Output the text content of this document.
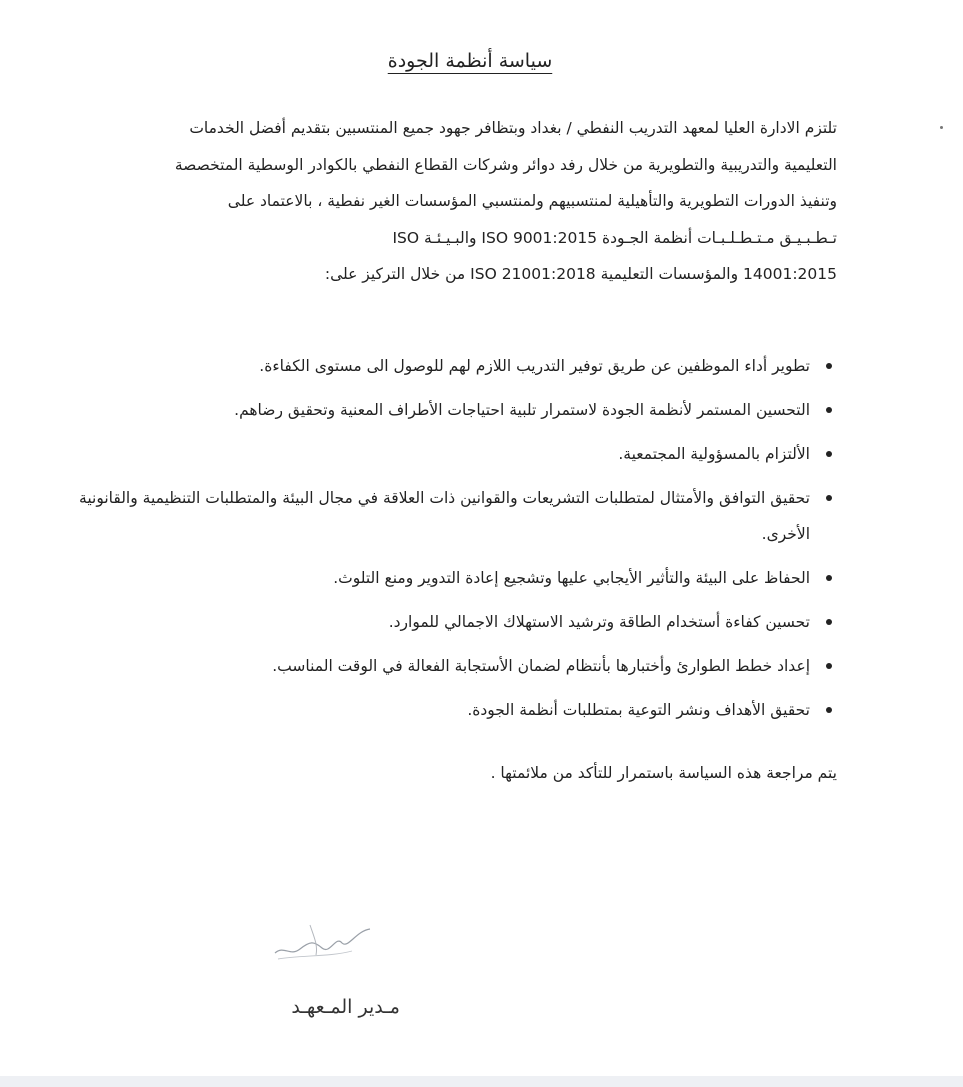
سياسة أنظمة الجودة
تلتزم الادارة العليا لمعهد التدريب النفطي / بغداد وبتظافر جهود جميع المنتسبين بتقديم أفضل الخدمات
التعليمية والتدريبية والتطويرية من خلال رفد دوائر وشركات القطاع النفطي بالكوادر الوسطية المتخصصة
وتنفيذ الدورات التطويرية والتأهيلية لمنتسبيهم ولمنتسبي المؤسسات الغير نفطية ، بالاعتماد على
تـطـبـيـق مـتـطـلـبـات أنظمة الجـودة ISO 9001:2015 والبـيـئـة ISO
14001:2015 والمؤسسات التعليمية ISO 21001:2018 من خلال التركيز على:
تطوير أداء الموظفين عن طريق توفير التدريب اللازم لهم للوصول الى مستوى الكفاءة.
التحسين المستمر لأنظمة الجودة لاستمرار تلبية احتياجات الأطراف المعنية وتحقيق رضاهم.
الألتزام بالمسؤولية المجتمعية.
تحقيق التوافق والأمتثال لمتطلبات التشريعات والقوانين ذات العلاقة في مجال البيئة والمتطلبات التنظيمية والقانونية الأخرى.
الحفاظ على البيئة والتأثير الأيجابي عليها وتشجيع إعادة التدوير ومنع التلوث.
تحسين كفاءة أستخدام الطاقة وترشيد الاستهلاك الاجمالي للموارد.
إعداد خطط الطوارئ وأختبارها بأنتظام لضمان الأستجابة الفعالة في الوقت المناسب.
تحقيق الأهداف ونشر التوعية بمتطلبات أنظمة الجودة.
يتم مراجعة هذه السياسة باستمرار للتأكد من ملائمتها .
مـدير المـعهـد
